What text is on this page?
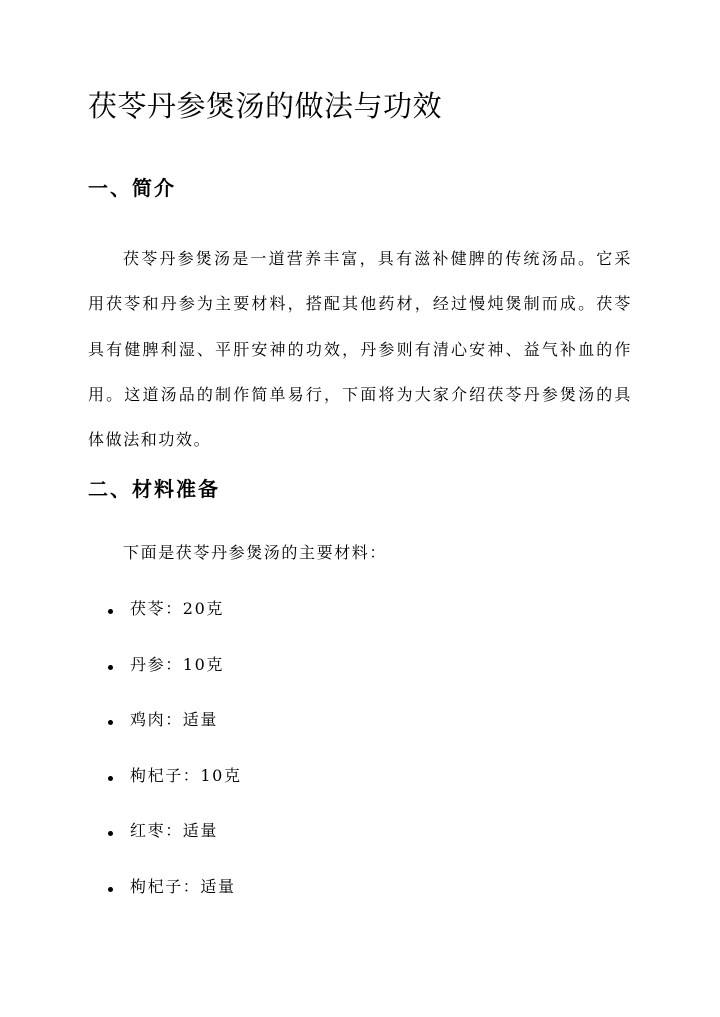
茯苓丹参煲汤的做法与功效
一、简介

茯苓丹参煲汤是一道营养丰富，具有滋补健脾的传统汤品。它采用茯苓和丹参为主要材料，搭配其他药材，经过慢炖煲制而成。茯苓具有健脾利湿、平肝安神的功效，丹参则有清心安神、益气补血的作用。这道汤品的制作简单易行，下面将为大家介绍茯苓丹参煲汤的具体做法和功效。

二、材料准备

下面是茯苓丹参煲汤的主要材料：

茯苓：20克
丹参：10克
鸡肉：适量
枸杞子：10克
红枣：适量
枸杞子：适量
